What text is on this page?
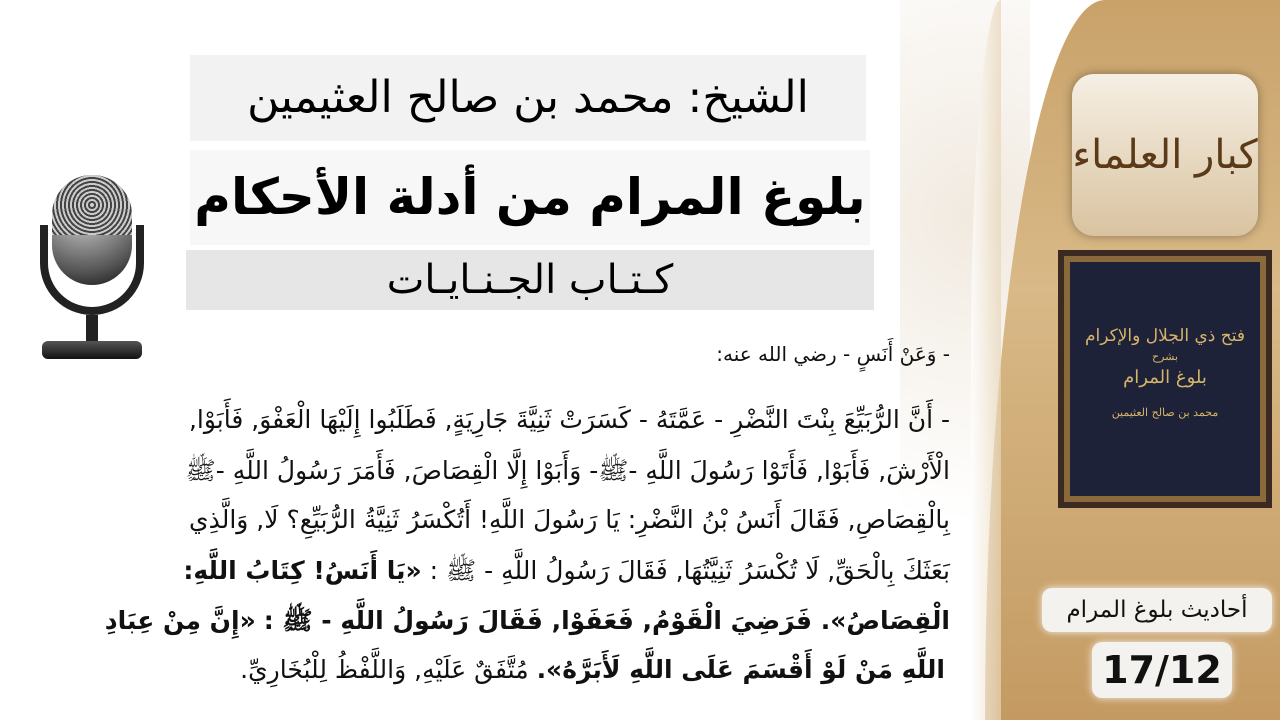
كبار العلماء
فتح ذي الجلال والإكرام
بشرح
بلوغ المرام
محمد بن صالح العثيمين
أحاديث بلوغ المرام
17/12
الشيخ: محمد بن صالح العثيمين
بلوغ المرام من أدلة الأحكام
كـتـاب الجـنـايـات
- وَعَنْ أَنَسٍ - رضي الله عنه:
- أَنَّ الرُّبَيِّعَ بِنْتَ النَّضْرِ - عَمَّتَهُ - كَسَرَتْ ثَنِيَّةَ جَارِيَةٍ, فَطَلَبُوا إِلَيْهَا الْعَفْوَ, فَأَبَوْا,
الْأَرْشَ, فَأَبَوْا, فَأَتَوْا رَسُولَ اللَّهِ -ﷺ- وَأَبَوْا إِلَّا الْقِصَاصَ, فَأَمَرَ رَسُولُ اللَّهِ -ﷺ
بِالْقِصَاصِ, فَقَالَ أَنَسُ بْنُ النَّضْرِ: يَا رَسُولَ اللَّهِ! أَتُكْسَرُ ثَنِيَّةُ الرُّبَيِّعِ؟ لَا, وَالَّذِي
بَعَثَكَ بِالْحَقِّ, لَا تُكْسَرُ ثَنِيَّتُهَا, فَقَالَ رَسُولُ اللَّهِ - ﷺ : «يَا أَنَسُ! كِتَابُ اللَّهِ:
الْقِصَاصُ». فَرَضِيَ الْقَوْمُ, فَعَفَوْا, فَقَالَ رَسُولُ اللَّهِ - ﷺ : «إِنَّ مِنْ عِبَادِ
اللَّهِ مَنْ لَوْ أَقْسَمَ عَلَى اللَّهِ لَأَبَرَّهُ». مُتَّفَقٌ عَلَيْهِ, وَاللَّفْظُ لِلْبُخَارِيِّ.
